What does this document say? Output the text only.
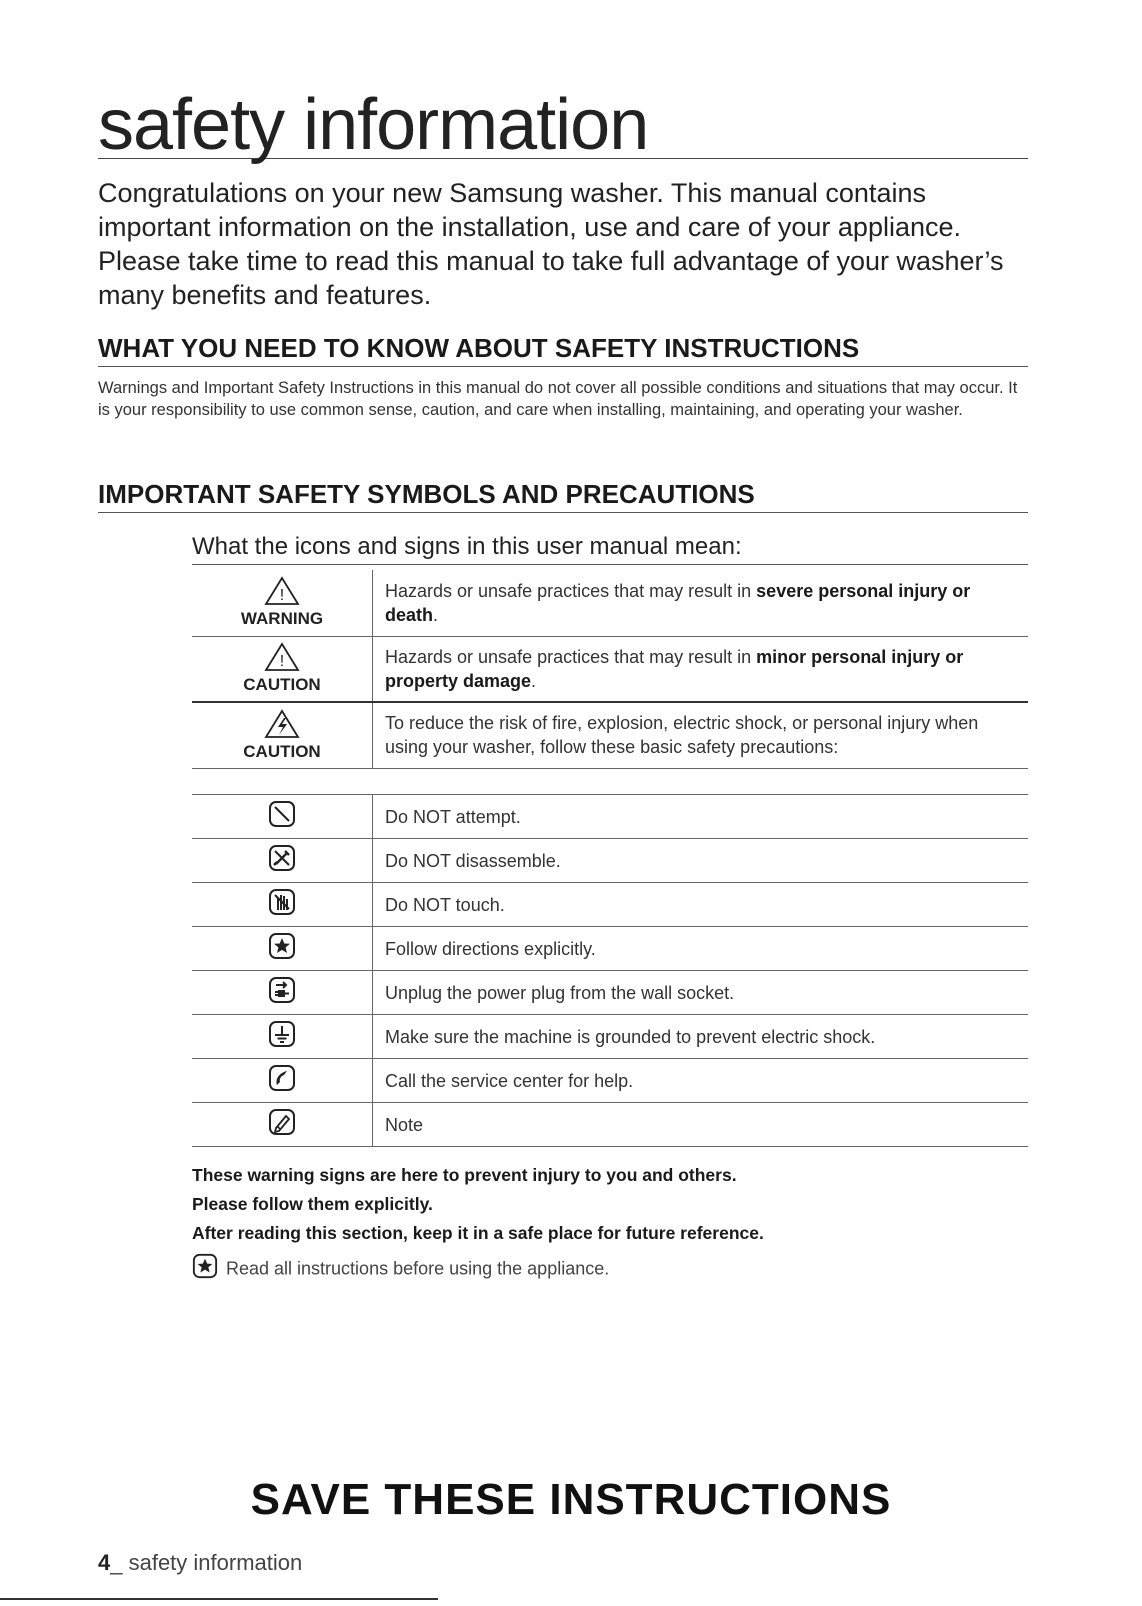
safety information
Congratulations on your new Samsung washer. This manual contains important information on the installation, use and care of your appliance. Please take time to read this manual to take full advantage of your washer’s many benefits and features.
WHAT YOU NEED TO KNOW ABOUT SAFETY INSTRUCTIONS
Warnings and Important Safety Instructions in this manual do not cover all possible conditions and situations that may occur. It is your responsibility to use common sense, caution, and care when installing, maintaining, and operating your washer.
IMPORTANT SAFETY SYMBOLS AND PRECAUTIONS
What the icons and signs in this user manual mean:
!
WARNING	Hazards or unsafe practices that may result in severe personal injury or death.

!
CAUTION	Hazards or unsafe practices that may result in minor personal injury or property damage.

CAUTION	To reduce the risk of fire, explosion, electric shock, or personal injury when using your washer, follow these basic safety precautions:
	Do NOT attempt.
	Do NOT disassemble.
	Do NOT touch.
	Follow directions explicitly.
	Unplug the power plug from the wall socket.
	Make sure the machine is grounded to prevent electric shock.
	Call the service center for help.
	Note
These warning signs are here to prevent injury to you and others.
Please follow them explicitly.
After reading this section, keep it in a safe place for future reference.
Read all instructions before using the appliance.
SAVE THESE INSTRUCTIONS
4_ safety information
